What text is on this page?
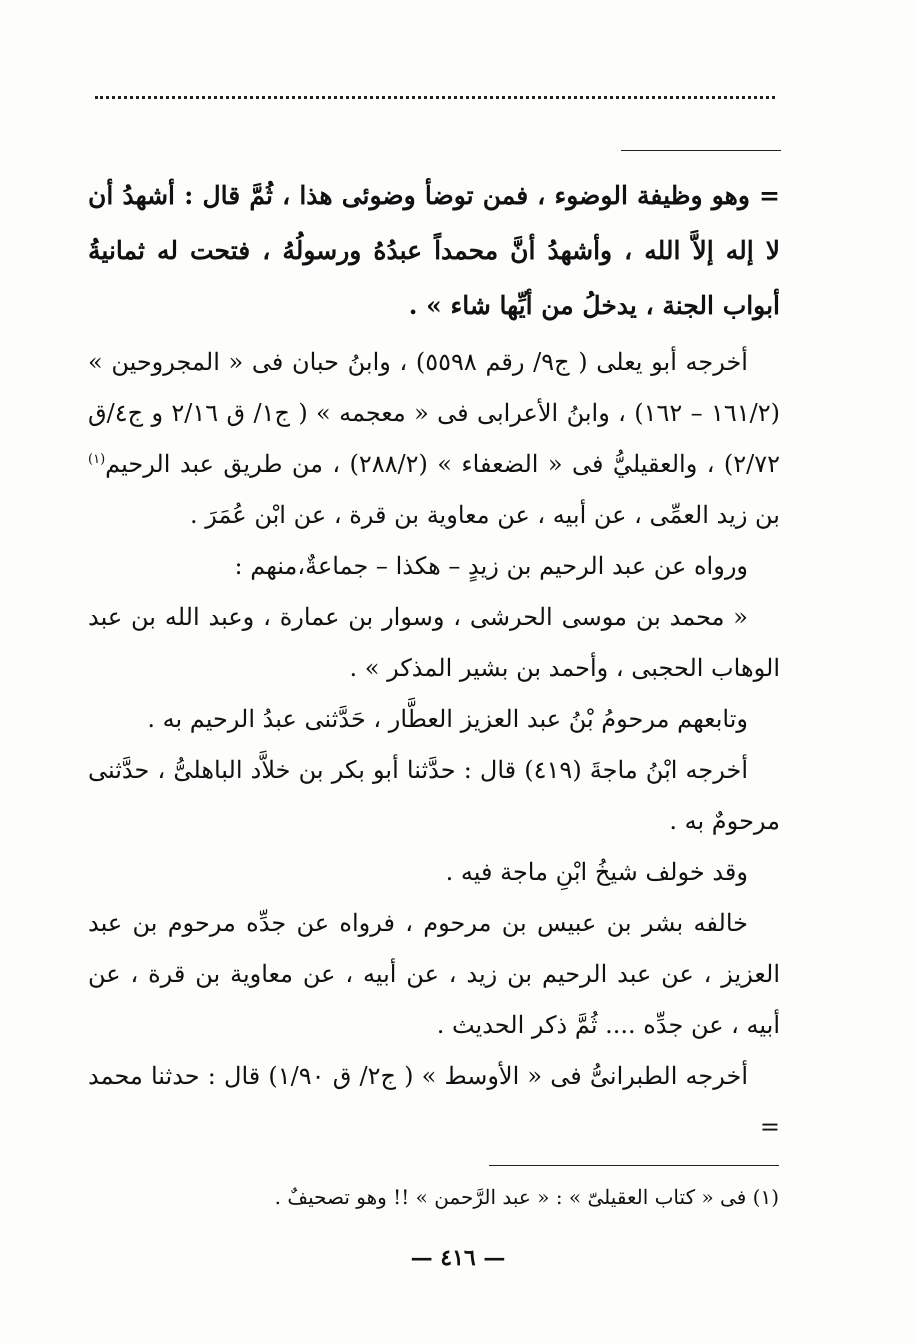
= وهو وظيفة الوضوء ، فمن توضأ وضوئى هذا ، ثُمَّ قال : أشهدُ أن لا إله إلاَّ الله ، وأشهدُ أنَّ محمداً عبدُهُ ورسولُهُ ، فتحت له ثمانيةُ أبواب الجنة ، يدخلُ من أيِّها شاء » .

أخرجه أبو يعلى ( ج٩/ رقم ٥٥٩٨) ، وابنُ حبان فى « المجروحين » (١٦١/٢ – ١٦٢) ، وابنُ الأعرابى فى « معجمه » ( ج١/ ق ٢/١٦ و ج٤/ق ٢/٧٢) ، والعقيليُّ فى « الضعفاء » (٢٨٨/٢) ، من طريق عبد الرحيم$^{(١)}$ بن زيد العمِّى ، عن أبيه ، عن معاوية بن قرة ، عن ابْن عُمَرَ .

ورواه عن عبد الرحيم بن زيدٍ – هكذا – جماعةٌ،منهم :

« محمد بن موسى الحرشى ، وسوار بن عمارة ، وعبد الله بن عبد الوهاب الحجبى ، وأحمد بن بشير المذكر » .

وتابعهم مرحومُ بْنُ عبد العزيز العطَّار ، حَدَّثنى عبدُ الرحيم به .

أخرجه ابْنُ ماجةَ (٤١٩) قال : حدَّثنا أبو بكر بن خلاَّد الباهلىُّ ، حدَّثنى مرحومٌ به .

وقد خولف شيخُ ابْنِ ماجة فيه .

خالفه بشر بن عبيس بن مرحوم ، فرواه عن جدِّه مرحوم بن عبد العزيز ، عن عبد الرحيم بن زيد ، عن أبيه ، عن معاوية بن قرة ، عن أبيه ، عن جدِّه .... ثُمَّ ذكر الحديث .

أخرجه الطبرانىُّ فى « الأوسط » ( ج٢/ ق ١/٩٠) قال : حدثنا محمد =

(١) فى « كتاب العقيلىّ » : « عبد الرَّحمن » !! وهو تصحيفٌ .

— ٤١٦ —
